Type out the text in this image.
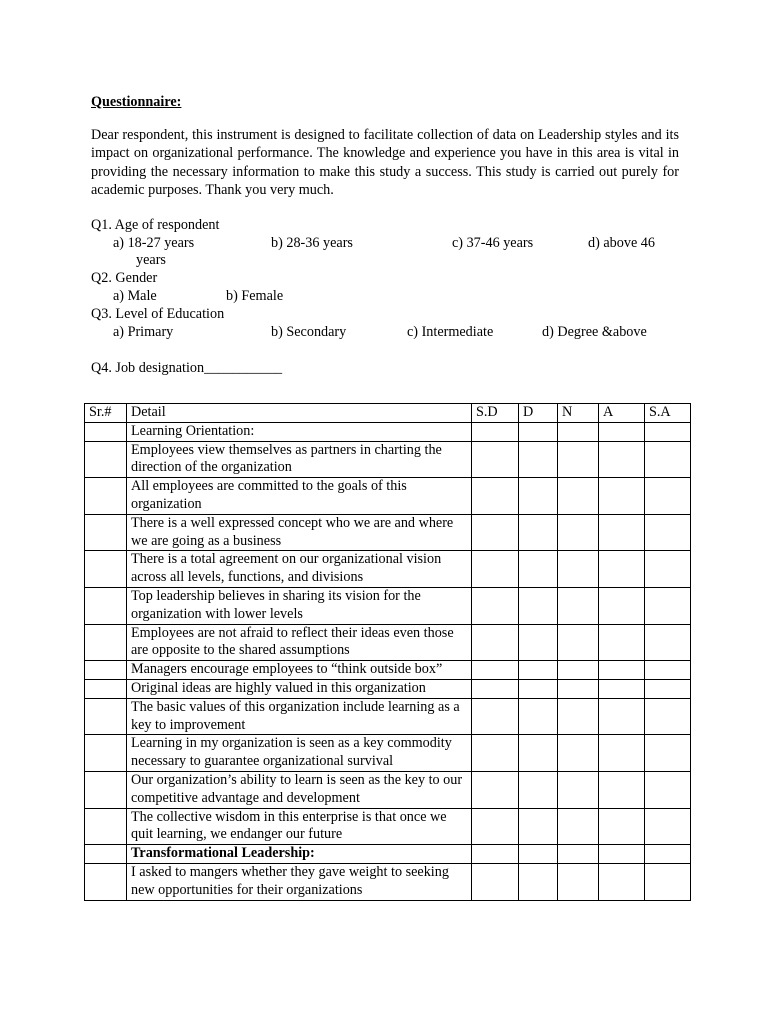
Questionnaire:
Dear respondent, this instrument is designed to facilitate collection of data on Leadership styles and its impact on organizational performance. The knowledge and experience you have in this area is vital in providing the necessary information to make this study a success. This study is carried out purely for academic purposes. Thank you very much.
Q1. Age of respondent
a) 18-27 years	b) 28-36 years	c) 37-46 years	d) above 46
years
Q2. Gender
a) Male	b) Female
Q3. Level of Education
a) Primary	b) Secondary	c) Intermediate	d) Degree &above
Q4. Job designation___________
Sr.#	Detail	S.D	D	N	A	S.A
	Learning Orientation:					
	Employees view themselves as partners in charting the direction of the organization					
	All employees are committed to the goals of this organization					
	There is a well expressed concept who we are and where we are going as a business					
	There is a total agreement on our organizational vision across all levels, functions, and divisions					
	Top leadership believes in sharing its vision for the organization with lower levels					
	Employees are not afraid to reflect their ideas even those are opposite to the shared assumptions					
	Managers encourage employees to “think outside box”					
	Original ideas are highly valued in this organization					
	The basic values of this organization include learning as a key to improvement					
	Learning in my organization is seen as a key commodity necessary to guarantee organizational survival					
	Our organization’s ability to learn is seen as the key to our competitive advantage and development					
	The collective wisdom in this enterprise is that once we quit learning, we endanger our future					
	Transformational Leadership:					
	I asked to mangers whether they gave weight to seeking new opportunities for their organizations					
